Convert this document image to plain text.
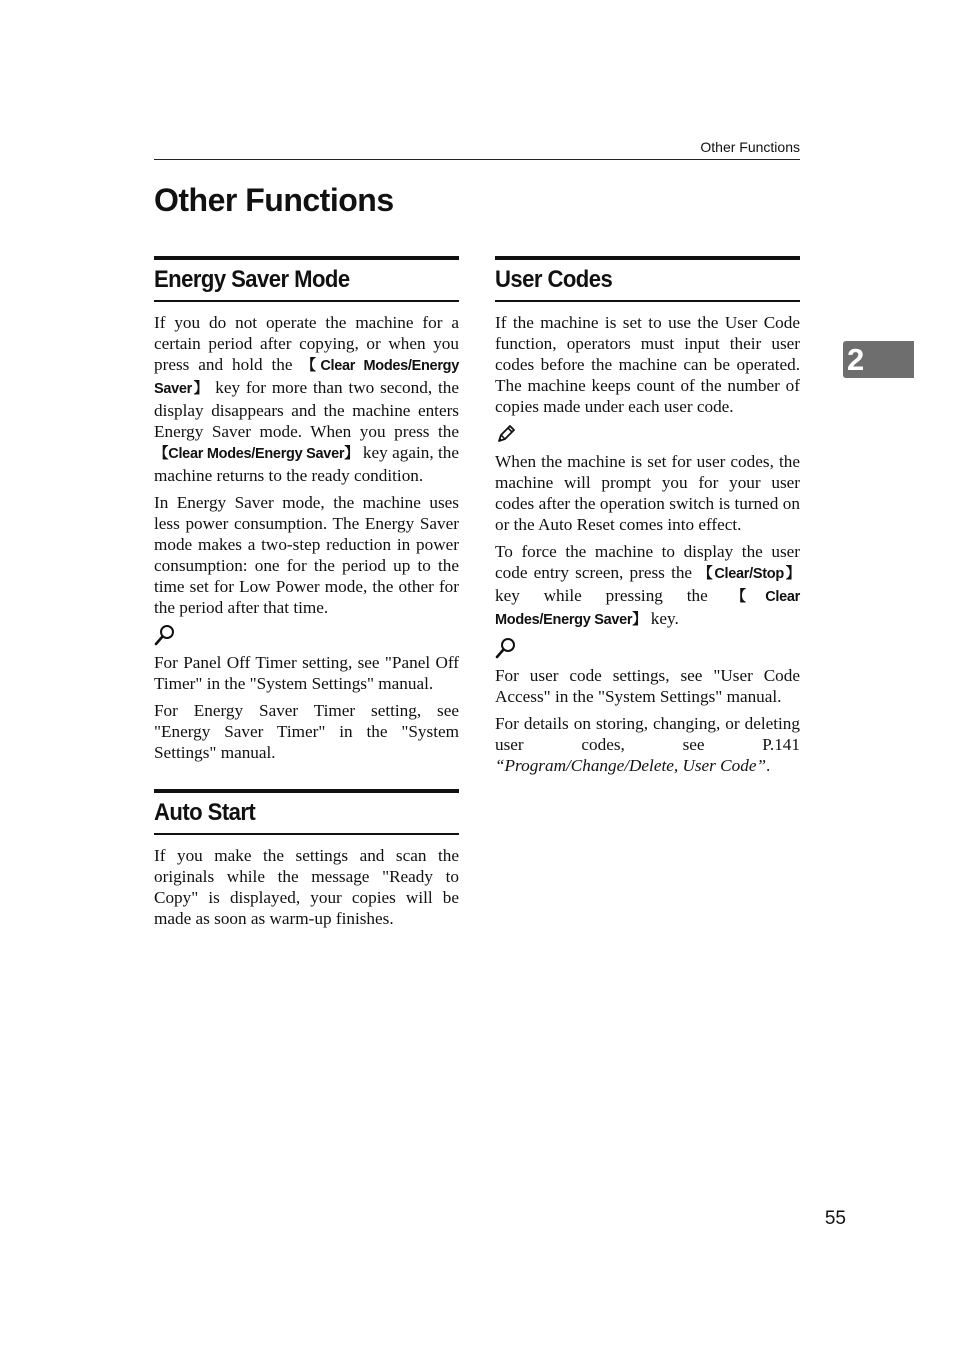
Other Functions
Other Functions
2
Energy Saver Mode

If you do not operate the machine for a certain period after copying, or when you press and hold the 【Clear Modes/Energy Saver】 key for more than two second, the display disappears and the machine enters Energy Saver mode. When you press the 【Clear Modes/Energy Saver】 key again, the machine returns to the ready condition.

In Energy Saver mode, the machine uses less power consumption. The Energy Saver mode makes a two-step reduction in power consumption: one for the period up to the time set for Low Power mode, the other for the period after that time.

For Panel Off Timer setting, see "Panel Off Timer" in the "System Settings" manual.

For Energy Saver Timer setting, see "Energy Saver Timer" in the "System Settings" manual.

Auto Start

If you make the settings and scan the originals while the message "Ready to Copy" is displayed, your copies will be made as soon as warm-up finishes.

User Codes

If the machine is set to use the User Code function, operators must input their user codes before the machine can be operated. The machine keeps count of the number of copies made under each user code.

When the machine is set for user codes, the machine will prompt you for your user codes after the operation switch is turned on or the Auto Reset comes into effect.

To force the machine to display the user code entry screen, press the 【Clear/Stop】 key while pressing the 【Clear Modes/Energy Saver】 key.

For user code settings, see "User Code Access" in the "System Settings" manual.

For details on storing, changing, or deleting user codes, see P.141 “Program/Change/Delete, User Code”.

55
